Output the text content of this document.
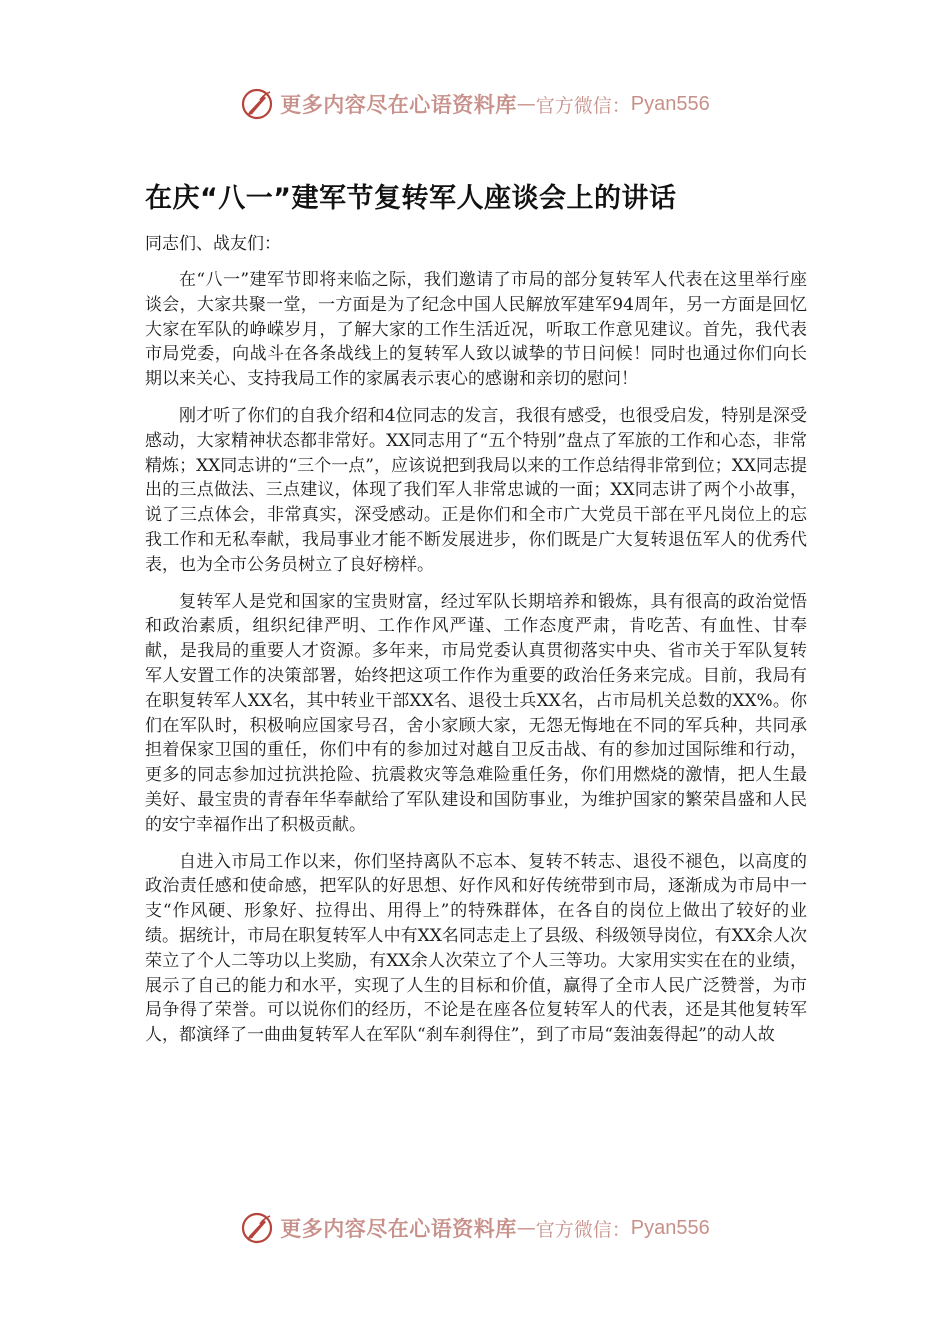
更多内容尽在心语资料库 — 官方微信： Pyan556
在庆“八一”建军节复转军人座谈会上的讲话

同志们、战友们：

在“八一”建军节即将来临之际，我们邀请了市局的部分复转军人代表在这里举行座谈会，大家共聚一堂，一方面是为了纪念中国人民解放军建军94周年，另一方面是回忆大家在军队的峥嵘岁月，了解大家的工作生活近况，听取工作意见建议。首先，我代表市局党委，向战斗在各条战线上的复转军人致以诚挚的节日问候！同时也通过你们向长期以来关心、支持我局工作的家属表示衷心的感谢和亲切的慰问！

刚才听了你们的自我介绍和4位同志的发言，我很有感受，也很受启发，特别是深受感动，大家精神状态都非常好。XX同志用了“五个特别”盘点了军旅的工作和心态，非常精炼；XX同志讲的“三个一点”，应该说把到我局以来的工作总结得非常到位；XX同志提出的三点做法、三点建议，体现了我们军人非常忠诚的一面；XX同志讲了两个小故事，说了三点体会，非常真实，深受感动。正是你们和全市广大党员干部在平凡岗位上的忘我工作和无私奉献，我局事业才能不断发展进步，你们既是广大复转退伍军人的优秀代表，也为全市公务员树立了良好榜样。

复转军人是党和国家的宝贵财富，经过军队长期培养和锻炼，具有很高的政治觉悟和政治素质，组织纪律严明、工作作风严谨、工作态度严肃，肯吃苦、有血性、甘奉献，是我局的重要人才资源。多年来，市局党委认真贯彻落实中央、省市关于军队复转军人安置工作的决策部署，始终把这项工作作为重要的政治任务来完成。目前，我局有在职复转军人XX名，其中转业干部XX名、退役士兵XX名，占市局机关总数的XX%。你们在军队时，积极响应国家号召，舍小家顾大家，无怨无悔地在不同的军兵种，共同承担着保家卫国的重任，你们中有的参加过对越自卫反击战、有的参加过国际维和行动，更多的同志参加过抗洪抢险、抗震救灾等急难险重任务，你们用燃烧的激情，把人生最美好、最宝贵的青春年华奉献给了军队建设和国防事业，为维护国家的繁荣昌盛和人民的安宁幸福作出了积极贡献。

自进入市局工作以来，你们坚持离队不忘本、复转不转志、退役不褪色，以高度的政治责任感和使命感，把军队的好思想、好作风和好传统带到市局，逐渐成为市局中一支“作风硬、形象好、拉得出、用得上”的特殊群体，在各自的岗位上做出了较好的业绩。据统计，市局在职复转军人中有XX名同志走上了县级、科级领导岗位，有XX余人次荣立了个人二等功以上奖励，有XX余人次荣立了个人三等功。大家用实实在在的业绩，展示了自己的能力和水平，实现了人生的目标和价值，赢得了全市人民广泛赞誉，为市局争得了荣誉。可以说你们的经历，不论是在座各位复转军人的代表，还是其他复转军人，都演绎了一曲曲复转军人在军队“刹车刹得住”，到了市局“轰油轰得起”的动人故

更多内容尽在心语资料库 — 官方微信： Pyan556
